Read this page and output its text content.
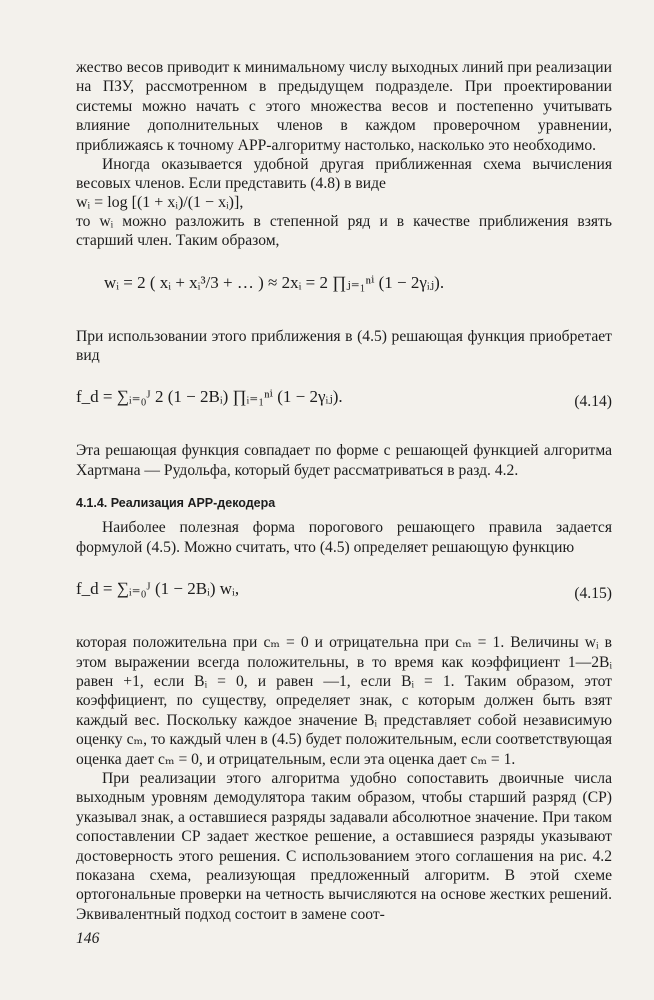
жество весов приводит к минимальному числу выходных линий при реализации на ПЗУ, рассмотренном в предыдущем подразделе. При проектировании системы можно начать с этого множества весов и постепенно учитывать влияние дополнительных членов в каждом проверочном уравнении, приближаясь к точному АРР-алгоритму настолько, насколько это необходимо.

Иногда оказывается удобной другая приближенная схема вычисления весовых членов. Если представить (4.8) в виде

wᵢ = log [(1 + xᵢ)/(1 − xᵢ)],

то wᵢ можно разложить в степенной ряд и в качестве приближения взять старший член. Таким образом,

wᵢ = 2 ( xᵢ + xᵢ³/3 + … ) ≈ 2xᵢ = 2 ∏ⱼ₌₁ⁿⁱ (1 − 2γᵢⱼ).

При использовании этого приближения в (4.5) решающая функция приобретает вид

f_d = ∑ᵢ₌₀ᴶ 2 (1 − 2Bᵢ) ∏ᵢ₌₁ⁿⁱ (1 − 2γᵢⱼ).	(4.14)

Эта решающая функция совпадает по форме с решающей функцией алгоритма Хартмана — Рудольфа, который будет рассматриваться в разд. 4.2.

4.1.4. Реализация АРР-декодера

Наиболее полезная форма порогового решающего правила задается формулой (4.5). Можно считать, что (4.5) определяет решающую функцию

f_d = ∑ᵢ₌₀ᴶ (1 − 2Bᵢ) wᵢ,	(4.15)

которая положительна при cₘ = 0 и отрицательна при cₘ = 1. Величины wᵢ в этом выражении всегда положительны, в то время как коэффициент 1—2Bᵢ равен +1, если Bᵢ = 0, и равен —1, если Bᵢ = 1. Таким образом, этот коэффициент, по существу, определяет знак, с которым должен быть взят каждый вес. Поскольку каждое значение Bᵢ представляет собой независимую оценку cₘ, то каждый член в (4.5) будет положительным, если соответствующая оценка дает cₘ = 0, и отрицательным, если эта оценка дает cₘ = 1.

При реализации этого алгоритма удобно сопоставить двоичные числа выходным уровням демодулятора таким образом, чтобы старший разряд (СР) указывал знак, а оставшиеся разряды задавали абсолютное значение. При таком сопоставлении СР задает жесткое решение, а оставшиеся разряды указывают достоверность этого решения. С использованием этого соглашения на рис. 4.2 показана схема, реализующая предложенный алгоритм. В этой схеме ортогональные проверки на четность вычисляются на основе жестких решений. Эквивалентный подход состоит в замене соот-

146
